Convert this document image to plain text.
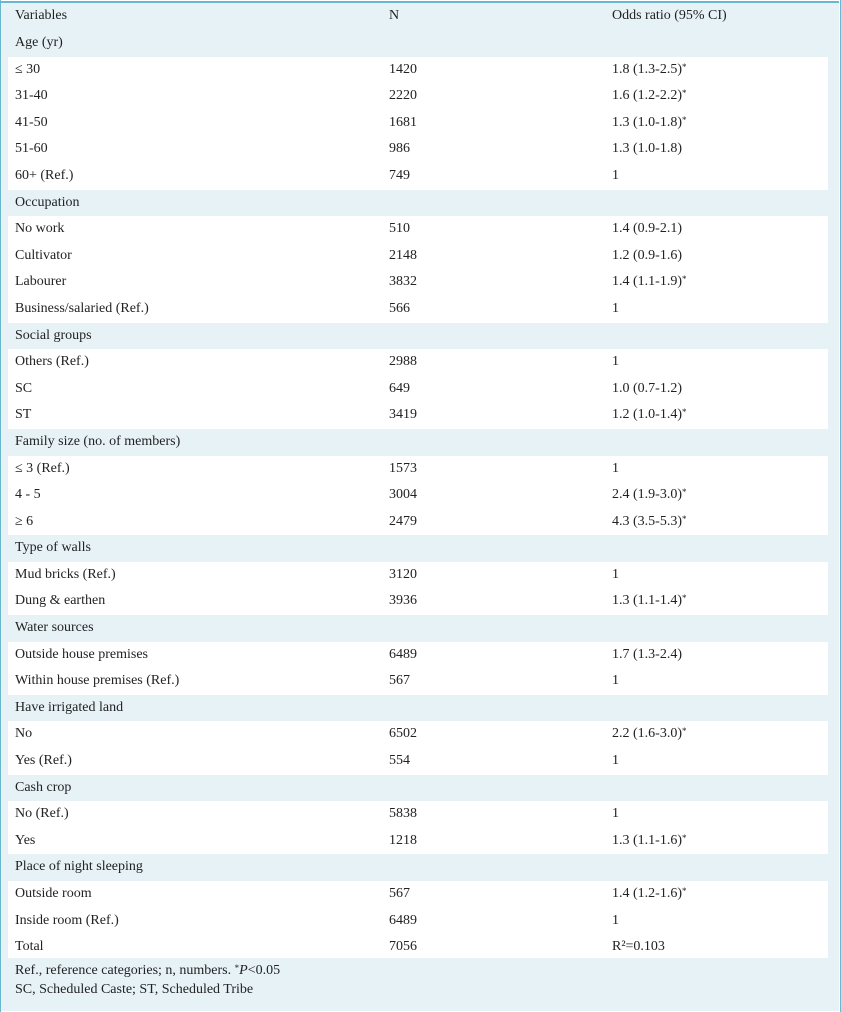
Variables	N	Odds ratio (95% CI)
Age (yr)
≤ 30	1420	1.8 (1.3-2.5)*
31-40	2220	1.6 (1.2-2.2)*
41-50	1681	1.3 (1.0-1.8)*
51-60	986	1.3 (1.0-1.8)
60+ (Ref.)	749	1
Occupation
No work	510	1.4 (0.9-2.1)
Cultivator	2148	1.2 (0.9-1.6)
Labourer	3832	1.4 (1.1-1.9)*
Business/salaried (Ref.)	566	1
Social groups
Others (Ref.)	2988	1
SC	649	1.0 (0.7-1.2)
ST	3419	1.2 (1.0-1.4)*
Family size (no. of members)
≤ 3 (Ref.)	1573	1
4 - 5	3004	2.4 (1.9-3.0)*
≥ 6	2479	4.3 (3.5-5.3)*
Type of walls
Mud bricks (Ref.)	3120	1
Dung & earthen	3936	1.3 (1.1-1.4)*
Water sources
Outside house premises	6489	1.7 (1.3-2.4)
Within house premises (Ref.)	567	1
Have irrigated land
No	6502	2.2 (1.6-3.0)*
Yes (Ref.)	554	1
Cash crop
No (Ref.)	5838	1
Yes	1218	1.3 (1.1-1.6)*
Place of night sleeping
Outside room	567	1.4 (1.2-1.6)*
Inside room (Ref.)	6489	1
Total	7056	R²=0.103
Ref., reference categories; n, numbers. *P<0.05
SC, Scheduled Caste; ST, Scheduled Tribe
